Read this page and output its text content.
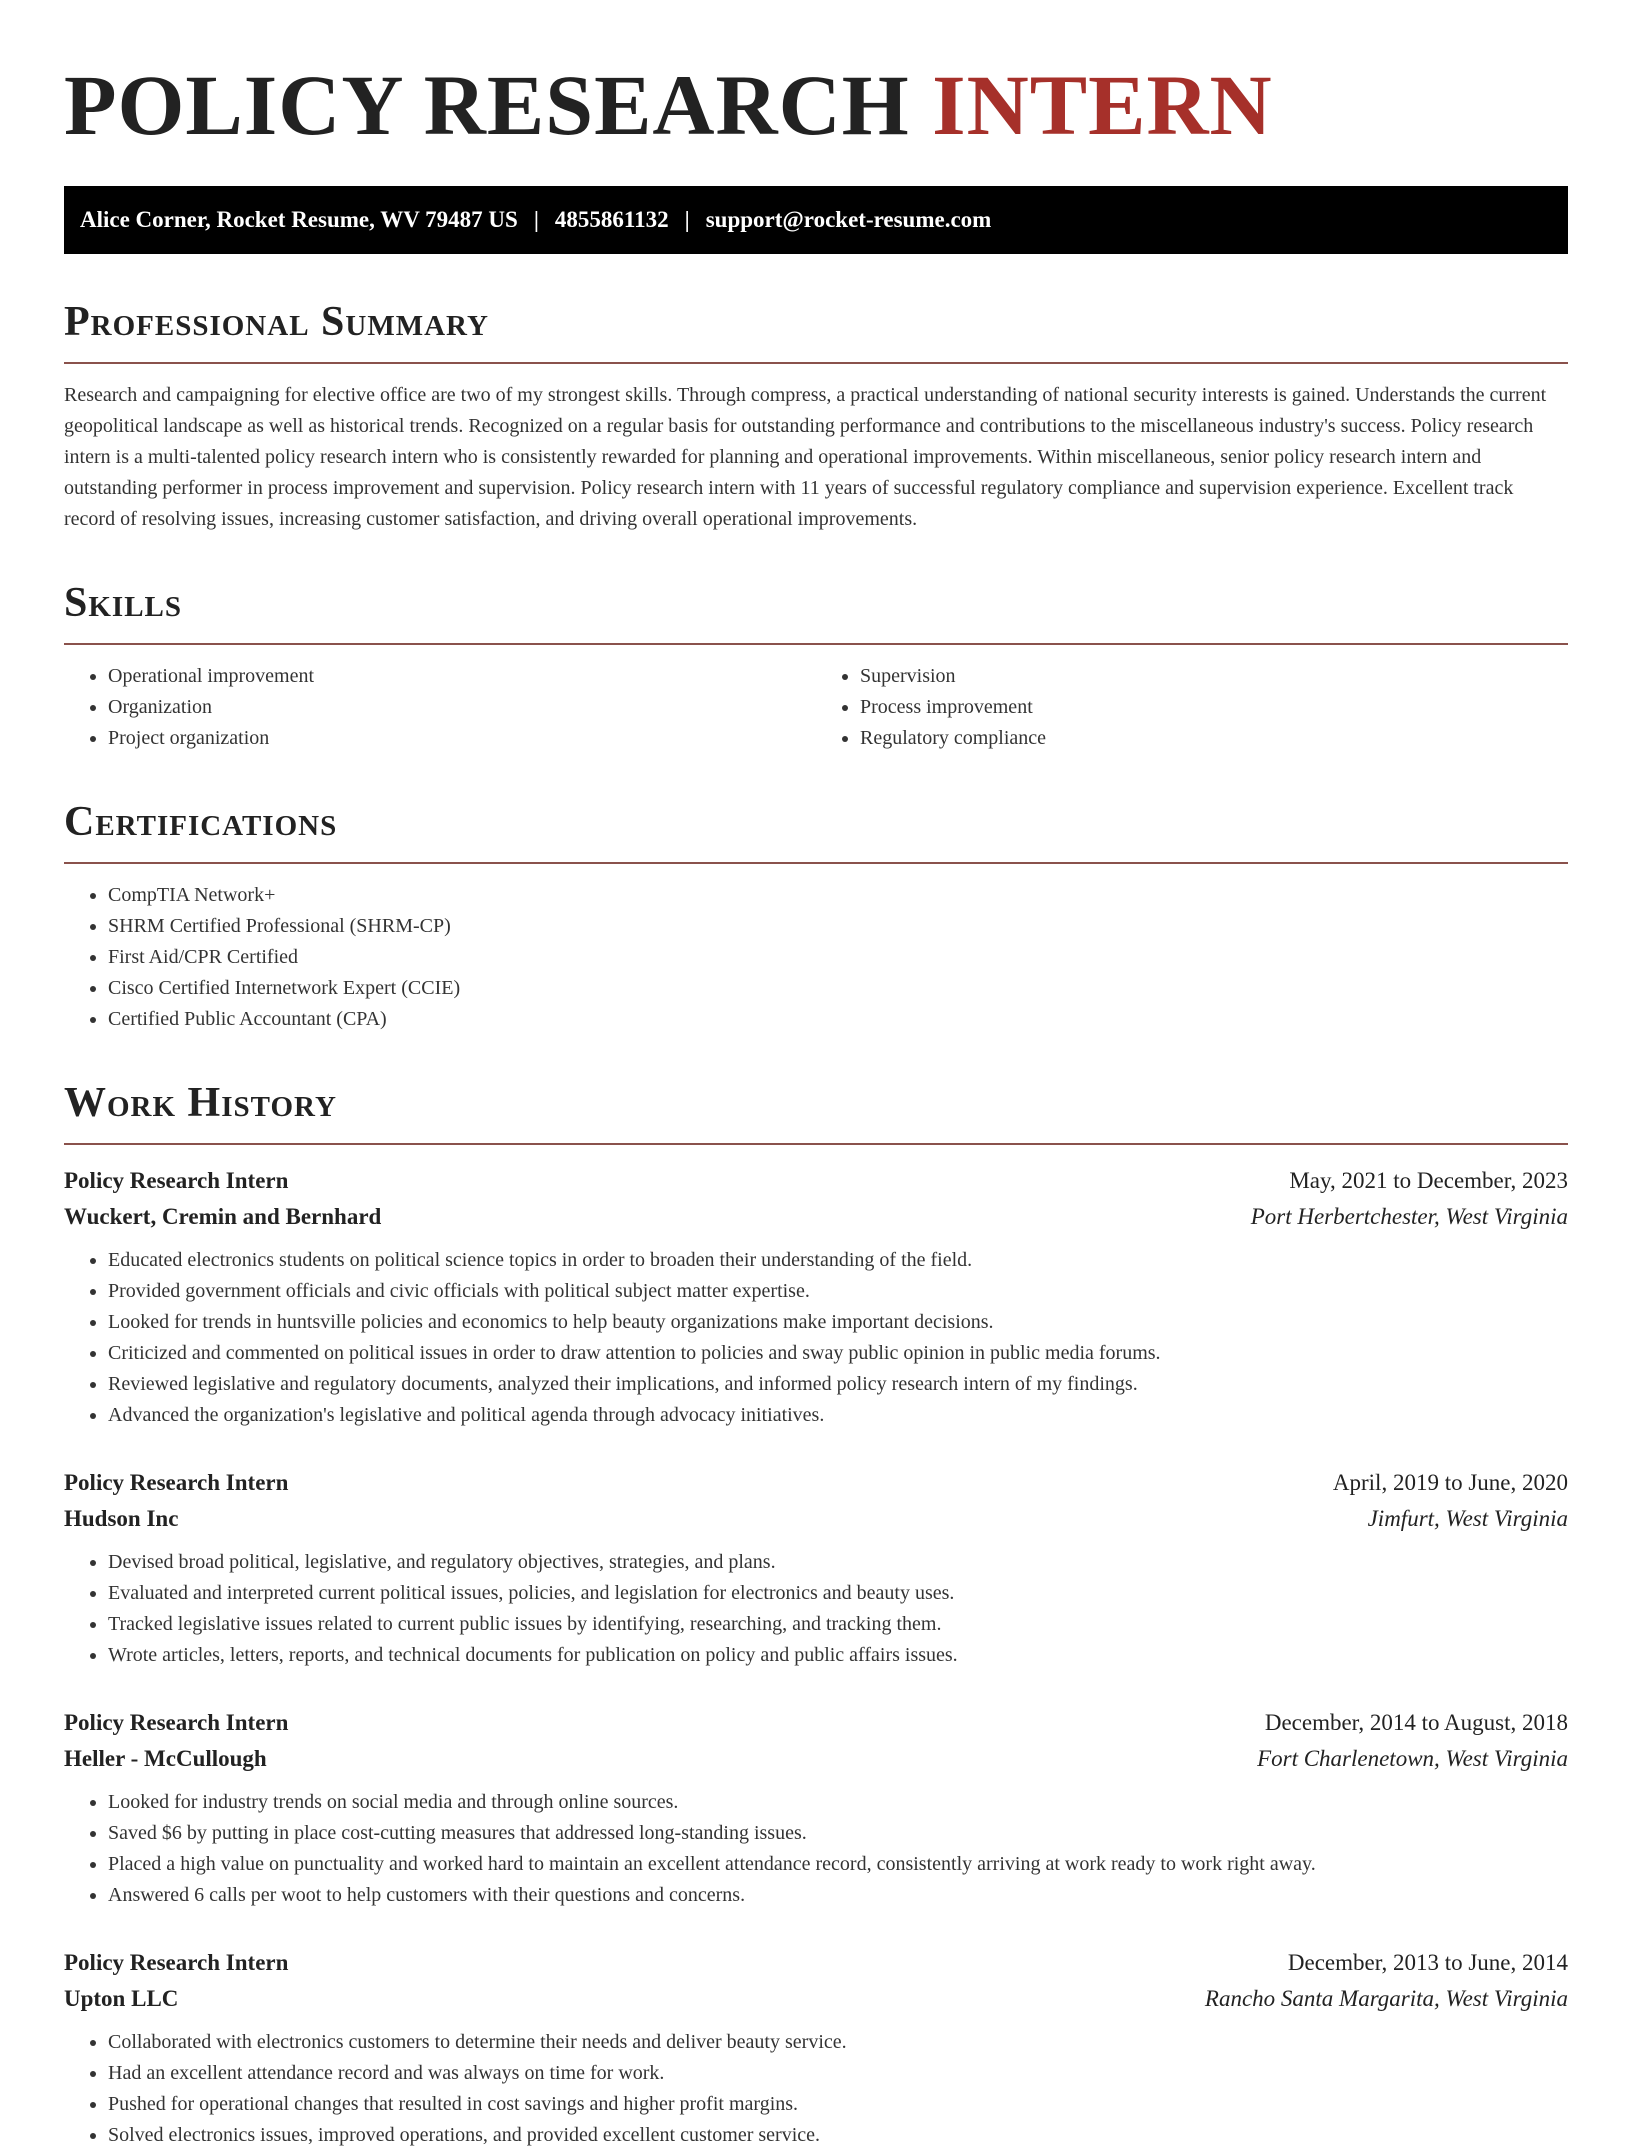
POLICY RESEARCH INTERN
Alice Corner, Rocket Resume, WV 79487 US | 4855861132 | support@rocket-resume.com
Professional Summary

Research and campaigning for elective office are two of my strongest skills. Through compress, a practical understanding of national security interests is gained. Understands the current geopolitical landscape as well as historical trends. Recognized on a regular basis for outstanding performance and contributions to the miscellaneous industry's success. Policy research intern is a multi-talented policy research intern who is consistently rewarded for planning and operational improvements. Within miscellaneous, senior policy research intern and outstanding performer in process improvement and supervision. Policy research intern with 11 years of successful regulatory compliance and supervision experience. Excellent track record of resolving issues, increasing customer satisfaction, and driving overall operational improvements.

Skills
• Operational improvement
• Organization
• Project organization
• Supervision
• Process improvement
• Regulatory compliance
Certifications
• CompTIA Network+
• SHRM Certified Professional (SHRM-CP)
• First Aid/CPR Certified
• Cisco Certified Internetwork Expert (CCIE)
• Certified Public Accountant (CPA)
Work History
Policy Research Intern	May, 2021 to December, 2023
Wuckert, Cremin and Bernhard	Port Herbertchester, West Virginia
• Educated electronics students on political science topics in order to broaden their understanding of the field.
• Provided government officials and civic officials with political subject matter expertise.
• Looked for trends in huntsville policies and economics to help beauty organizations make important decisions.
• Criticized and commented on political issues in order to draw attention to policies and sway public opinion in public media forums.
• Reviewed legislative and regulatory documents, analyzed their implications, and informed policy research intern of my findings.
• Advanced the organization's legislative and political agenda through advocacy initiatives.
Policy Research Intern	April, 2019 to June, 2020
Hudson Inc	Jimfurt, West Virginia
• Devised broad political, legislative, and regulatory objectives, strategies, and plans.
• Evaluated and interpreted current political issues, policies, and legislation for electronics and beauty uses.
• Tracked legislative issues related to current public issues by identifying, researching, and tracking them.
• Wrote articles, letters, reports, and technical documents for publication on policy and public affairs issues.
Policy Research Intern	December, 2014 to August, 2018
Heller - McCullough	Fort Charlenetown, West Virginia
• Looked for industry trends on social media and through online sources.
• Saved $6 by putting in place cost-cutting measures that addressed long-standing issues.
• Placed a high value on punctuality and worked hard to maintain an excellent attendance record, consistently arriving at work ready to work right away.
• Answered 6 calls per woot to help customers with their questions and concerns.
Policy Research Intern	December, 2013 to June, 2014
Upton LLC	Rancho Santa Margarita, West Virginia
• Collaborated with electronics customers to determine their needs and deliver beauty service.
• Had an excellent attendance record and was always on time for work.
• Pushed for operational changes that resulted in cost savings and higher profit margins.
• Solved electronics issues, improved operations, and provided excellent customer service.
